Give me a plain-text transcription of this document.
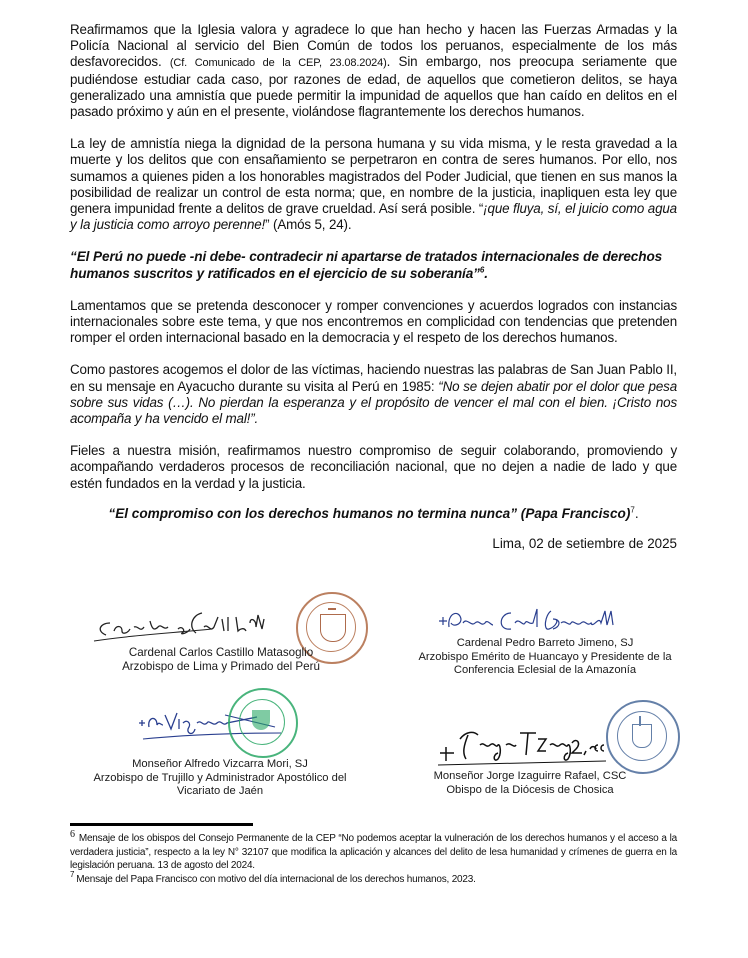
Reafirmamos que la Iglesia valora y agradece lo que han hecho y hacen las Fuerzas Armadas y la Policía Nacional al servicio del Bien Común de todos los peruanos, especialmente de los más desfavorecidos. (Cf. Comunicado de la CEP, 23.08.2024). Sin embargo, nos preocupa seriamente que pudiéndose estudiar cada caso, por razones de edad, de aquellos que cometieron delitos, se haya generalizado una amnistía que puede permitir la impunidad de aquellos que han caído en delitos en el pasado próximo y aún en el presente, violándose flagrantemente los derechos humanos.

La ley de amnistía niega la dignidad de la persona humana y su vida misma, y le resta gravedad a la muerte y los delitos que con ensañamiento se perpetraron en contra de seres humanos. Por ello, nos sumamos a quienes piden a los honorables magistrados del Poder Judicial, que tienen en sus manos la posibilidad de realizar un control de esta norma; que, en nombre de la justicia, inapliquen esta ley que genera impunidad frente a delitos de grave crueldad. Así será posible. “¡que fluya, sí, el juicio como agua y la justicia como arroyo perenne!” (Amós 5, 24).

“El Perú no puede -ni debe- contradecir ni apartarse de tratados internacionales de derechos humanos suscritos y ratificados en el ejercicio de su soberanía”$^6$.

Lamentamos que se pretenda desconocer y romper convenciones y acuerdos logrados con instancias internacionales sobre este tema, y que nos encontremos en complicidad con tendencias que pretenden romper el orden internacional basado en la democracia y el respeto de los derechos humanos.

Como pastores acogemos el dolor de las víctimas, haciendo nuestras las palabras de San Juan Pablo II, en su mensaje en Ayacucho durante su visita al Perú en 1985: “No se dejen abatir por el dolor que pesa sobre sus vidas (…). No pierdan la esperanza y el propósito de vencer el mal con el bien. ¡Cristo nos acompaña y ha vencido el mal!”.

Fieles a nuestra misión, reafirmamos nuestro compromiso de seguir colaborando, promoviendo y acompañando verdaderos procesos de reconciliación nacional, que no dejen a nadie de lado y que estén fundados en la verdad y la justicia.

“El compromiso con los derechos humanos no termina nunca” (Papa Francisco)$^7$.

Lima, 02 de setiembre de 2025

Cardenal Carlos Castillo Matasoglio
Arzobispo de Lima y Primado del Perú
Cardenal Pedro Barreto Jimeno, SJ
Arzobispo Emérito de Huancayo y Presidente de la
Conferencia Eclesial de la Amazonía
Monseñor Alfredo Vizcarra Mori, SJ
Arzobispo de Trujillo y Administrador Apostólico del
Vicariato de Jaén
Monseñor Jorge Izaguirre Rafael, CSC
Obispo de la Diócesis de Chosica

6 Mensaje de los obispos del Consejo Permanente de la CEP “No podemos aceptar la vulneración de los derechos humanos y el acceso a la verdadera justicia”, respecto a la ley N° 32107 que modifica la aplicación y alcances del delito de lesa humanidad y crímenes de guerra en la legislación peruana. 13 de agosto del 2024.

$^7$ Mensaje del Papa Francisco con motivo del día internacional de los derechos humanos, 2023.
